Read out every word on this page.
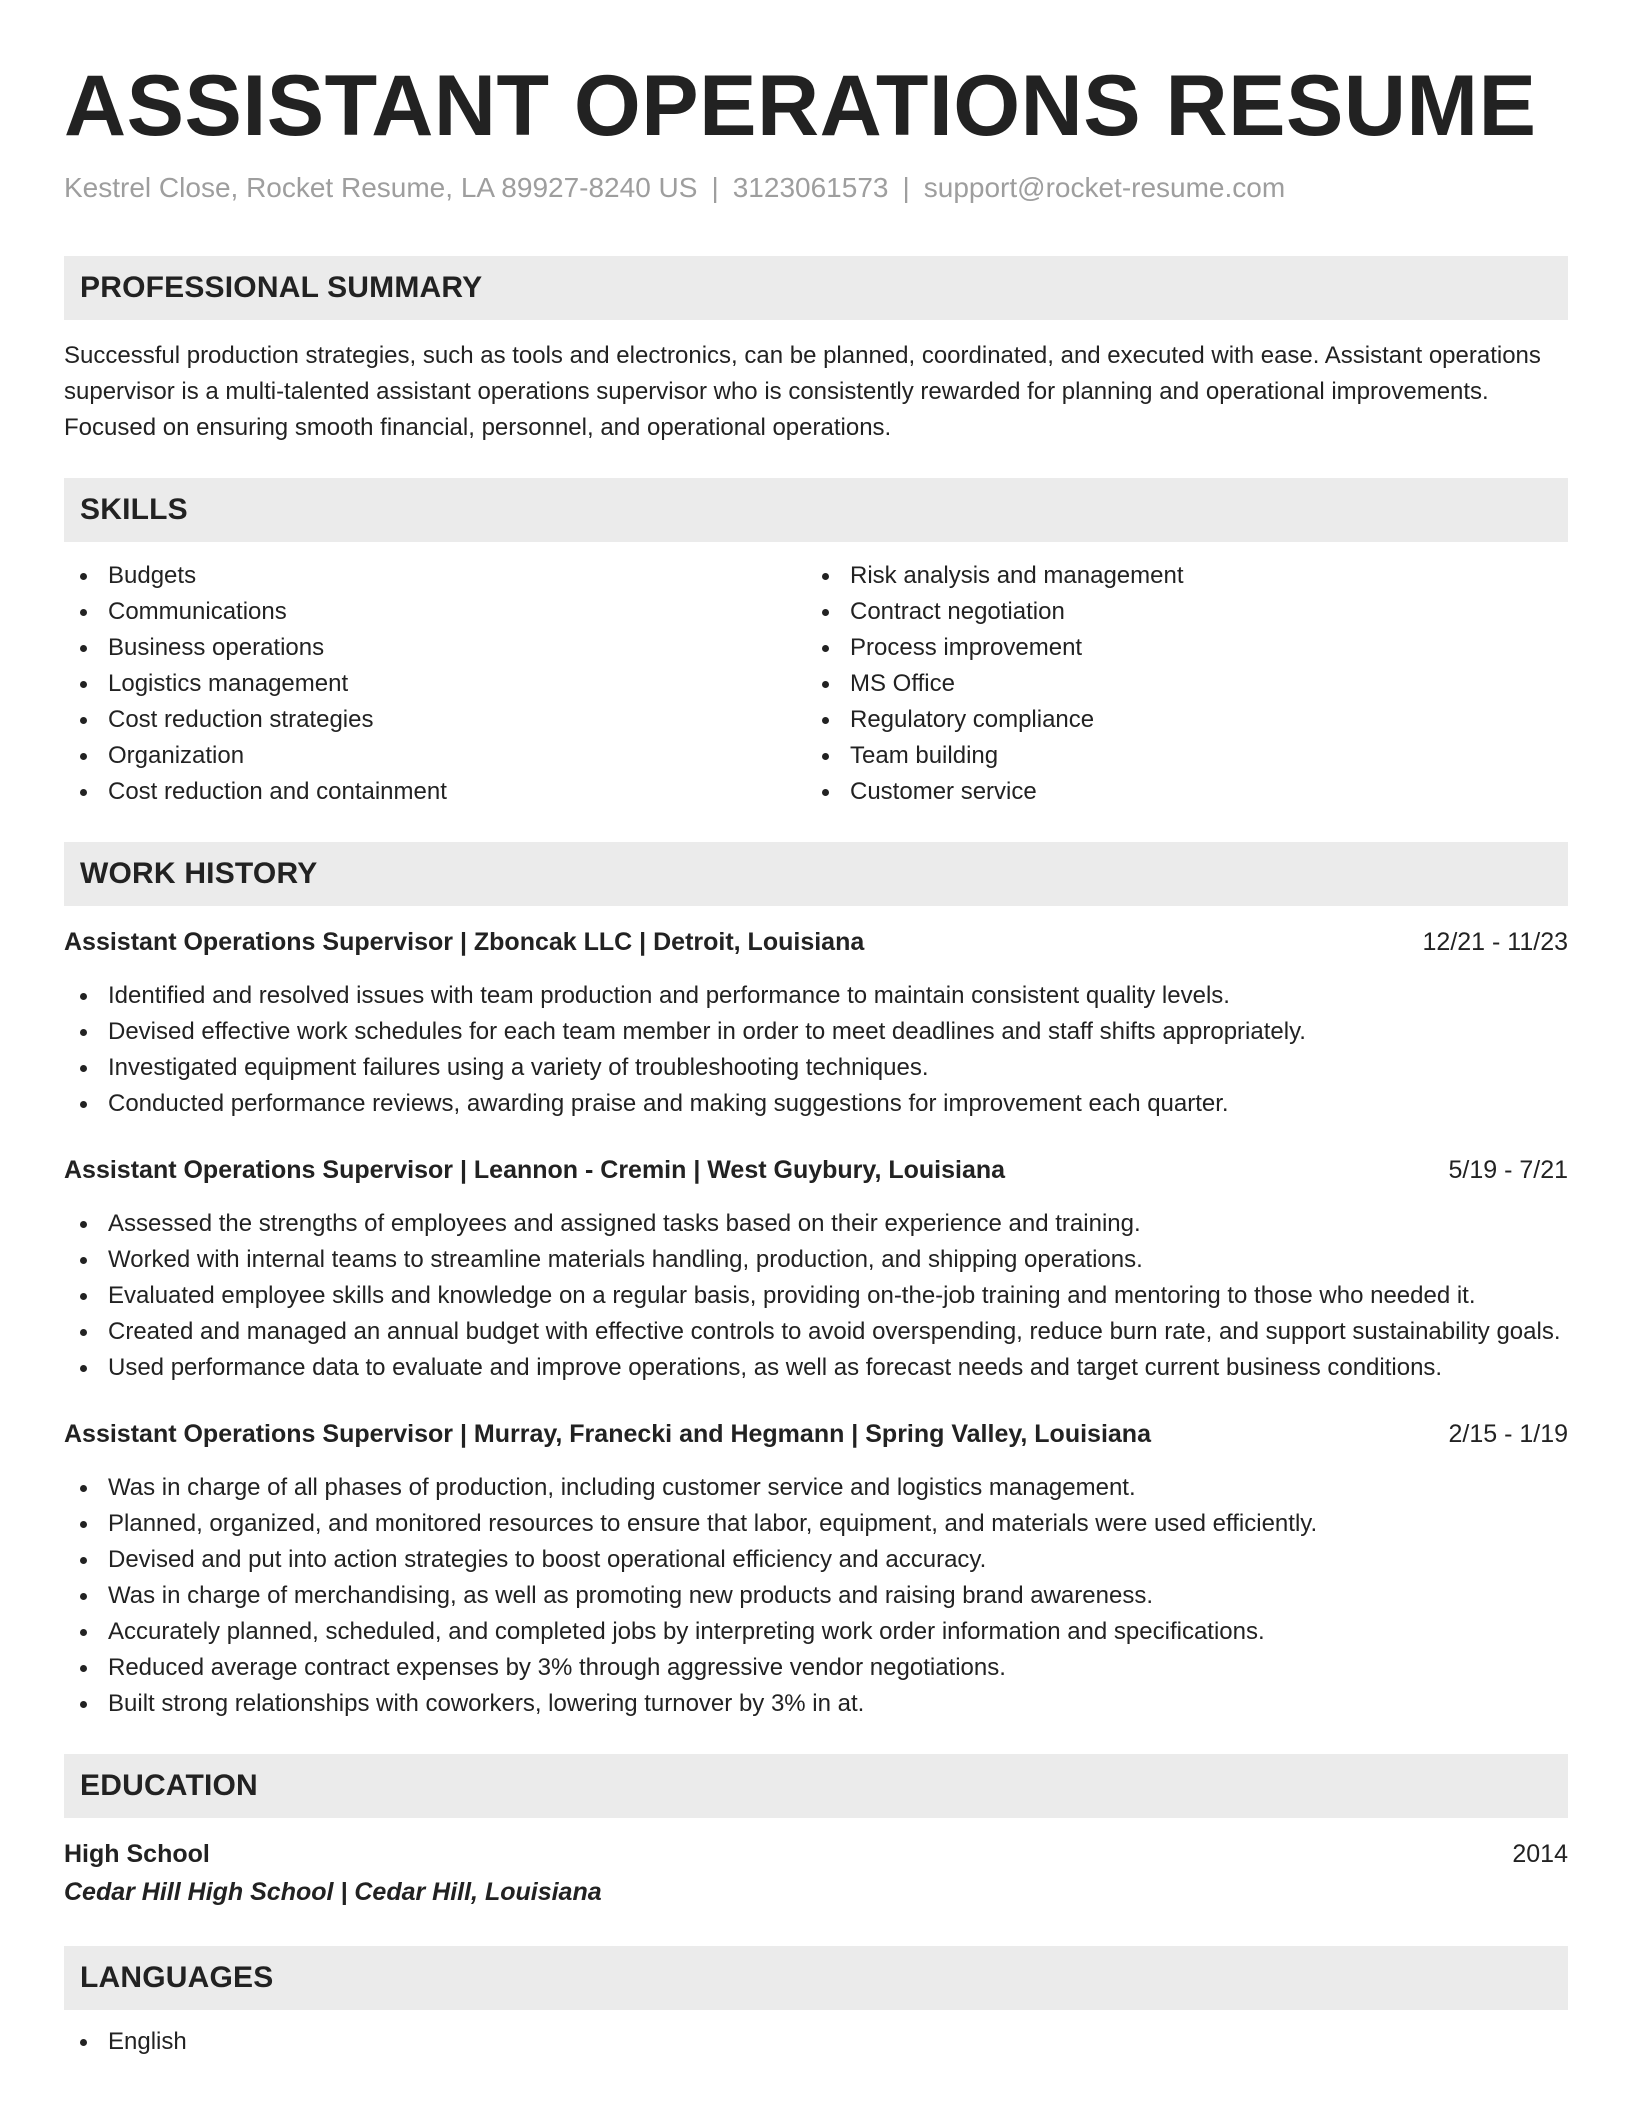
ASSISTANT OPERATIONS RESUME
Kestrel Close, Rocket Resume, LA 89927-8240 US | 3123061573 | support@rocket-resume.com
PROFESSIONAL SUMMARY

Successful production strategies, such as tools and electronics, can be planned, coordinated, and executed with ease. Assistant operations supervisor is a multi-talented assistant operations supervisor who is consistently rewarded for planning and operational improvements. Focused on ensuring smooth financial, personnel, and operational operations.

SKILLS
Budgets
Communications
Business operations
Logistics management
Cost reduction strategies
Organization
Cost reduction and containment
Risk analysis and management
Contract negotiation
Process improvement
MS Office
Regulatory compliance
Team building
Customer service
WORK HISTORY
Assistant Operations Supervisor | Zboncak LLC | Detroit, Louisiana	12/21 - 11/23
Identified and resolved issues with team production and performance to maintain consistent quality levels.
Devised effective work schedules for each team member in order to meet deadlines and staff shifts appropriately.
Investigated equipment failures using a variety of troubleshooting techniques.
Conducted performance reviews, awarding praise and making suggestions for improvement each quarter.
Assistant Operations Supervisor | Leannon - Cremin | West Guybury, Louisiana	5/19 - 7/21
Assessed the strengths of employees and assigned tasks based on their experience and training.
Worked with internal teams to streamline materials handling, production, and shipping operations.
Evaluated employee skills and knowledge on a regular basis, providing on-the-job training and mentoring to those who needed it.
Created and managed an annual budget with effective controls to avoid overspending, reduce burn rate, and support sustainability goals.
Used performance data to evaluate and improve operations, as well as forecast needs and target current business conditions.
Assistant Operations Supervisor | Murray, Franecki and Hegmann | Spring Valley, Louisiana	2/15 - 1/19
Was in charge of all phases of production, including customer service and logistics management.
Planned, organized, and monitored resources to ensure that labor, equipment, and materials were used efficiently.
Devised and put into action strategies to boost operational efficiency and accuracy.
Was in charge of merchandising, as well as promoting new products and raising brand awareness.
Accurately planned, scheduled, and completed jobs by interpreting work order information and specifications.
Reduced average contract expenses by 3% through aggressive vendor negotiations.
Built strong relationships with coworkers, lowering turnover by 3% in at.
EDUCATION
High School	2014
Cedar Hill High School | Cedar Hill, Louisiana
LANGUAGES
English
